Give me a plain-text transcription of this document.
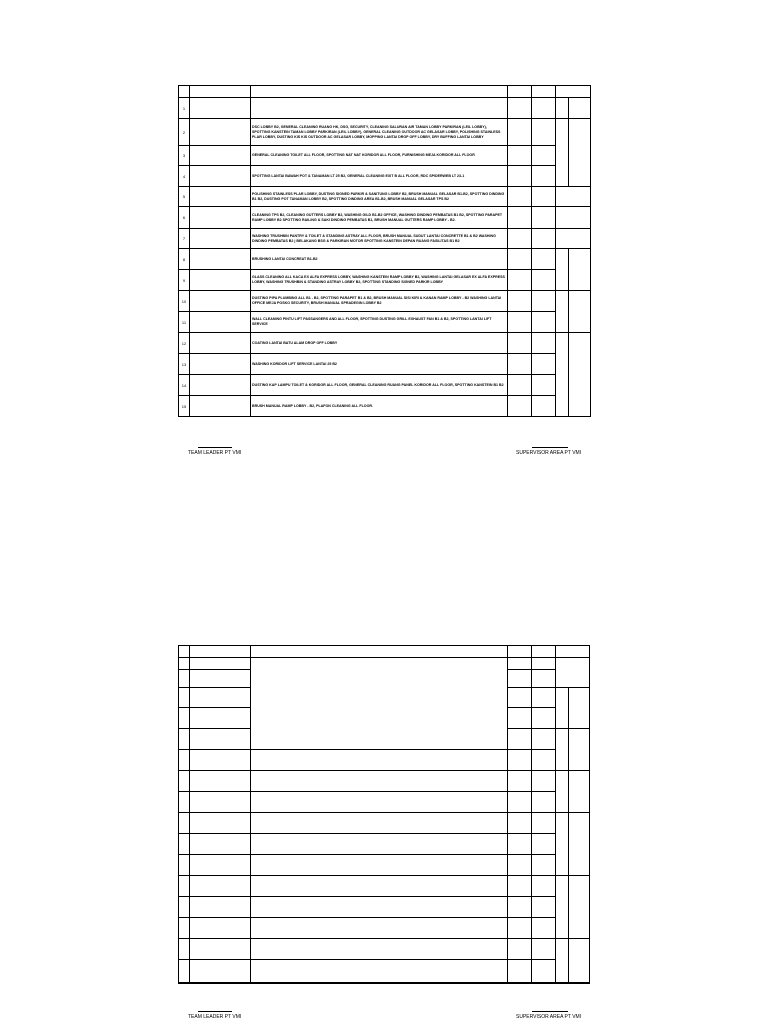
1						
2		DSC LOBBY B2, GENERAL CLEANING RUANG HK, DSG, SECURITY, CLEANING SALURAN AIR TAMAN LOBBY PARKIRAN (LEIL LOBBY), SPOTTING KANSTEIN TAMAN LOBBY PARKIRAN (LEIL LOBBY), GENERAL CLEANING OUTDOOR AC GELASAR LOBBY, POLISHING STAINLESS PLAR LOBBY, DUSTING KIS KIS OUTDOOR AC GELASAR LOBBY, MOPPING LANTAI DROP OFF LOBBY, DRY BUFFING LANTAI LOBBY				
3		GENERAL CLEANING TOILET ALL FLOOR, SPOTTING NAT NAT KORIDOR ALL FLOOR, FURNISHING MEJA KORIDOR ALL FLOOR				
4		SPOTTING LANTAI BAWAH POT & TANAMAN LT 25 B2, GENERAL CLEANING EXIT B ALL FLOOR, RDC SPIDERWEB LT 23-1				
5		POLISHING STAINLESS PLAR LOBBY, DUSTING SIGNED PARKIR & SANITUNG LOBBY B2, BRUSH MANUAL GELASAR B1-B2, SPOTTING DINDING B1 B2, DUSTING POT TANAMAN LOBBY B2, SPOTTING DINDING AREA B1-B2, BRUSH MANUAL GELASAR TPS B2				
6		CLEANING TPS B2, CLEANING GUTTERS LOBBY B2, WASHING GILD B1-B2 OFFICE, WASHING DINDING PEMBATAS B1 B2, SPOTTING PARAPET RAMP LOBBY B2 SPOTTING RAILING & SAKI DINDING PEMBATAS B1, BRUSH MANUAL GUTTERS RAMP LOBBY - B2.				
7		WASHING TRUSHBIN PANTRY & TOILET & STANDING ASTRAY ALL FLOOR, BRUSH MANUAL SUDUT LANTAI CONCRETTE B1 & B2 WASHING DINDING PEMBATAS B2 | BELAKANG BSG & PARKIRAN MOTOR SPOTTING KANSTEIN DEPAN RUANG FASILITAS B1 B2				
8		BRUSHING LANTAI CONCREAT B1-B2				
9		GLASS CLEANING ALL KACA EX ALFA EXPRESS LOBBY, WASHING KANSTEIN RAMP LOBBY B2, WASHING LANTAI GELASAR EX ALFA EXPRESS LOBBY, WASHING TRUSHBIN & STANDING ASTRAY LOBBY B2, SPOTTING STANDING SIGNED PARKIR LOBBY				
10		DUSTING PIPA PLUMBING ALL B1 - B2, SPOTTING PARAPET B1 & B2, BRUSH MANUAL SISI KIRI & KANAN RAMP LOBBY - B2 WASHING LANTAI OFFICE MEJA POSKO SECURITY, BRUSH MANUAL SPRADEGIN LOBBY B2				
11		WALL CLEANING PINTU LIFT PASSANGERS AND ALL FLOOR, SPOTTING DUSTING GRILL EXHAUST FAN B1 & B2, SPOTTING LANTAI LIFT SERVICE				
12		COATING LANTAI BATU ALAM DROP OFF LOBBY				
13		WASHING KORIDOR LIFT SERVICE LANTAI 25 B2				
14		DUSTING KAP LAMPU TOILET & KORIDOR ALL FLOOR, GENERAL CLEANING RUANG PANEL KORIDOR ALL FLOOR, SPOTTING KANSTEIN B1 B2				
15		BRUSH MANUAL RAMP LOBBY - B2, PLAFON CLEANING ALL FLOOR.				
TEAM LEADER PT VMI	SUPERVISOR AREA PT VMI
TEAM LEADER PT VMI	SUPERVISOR AREA PT VMI
